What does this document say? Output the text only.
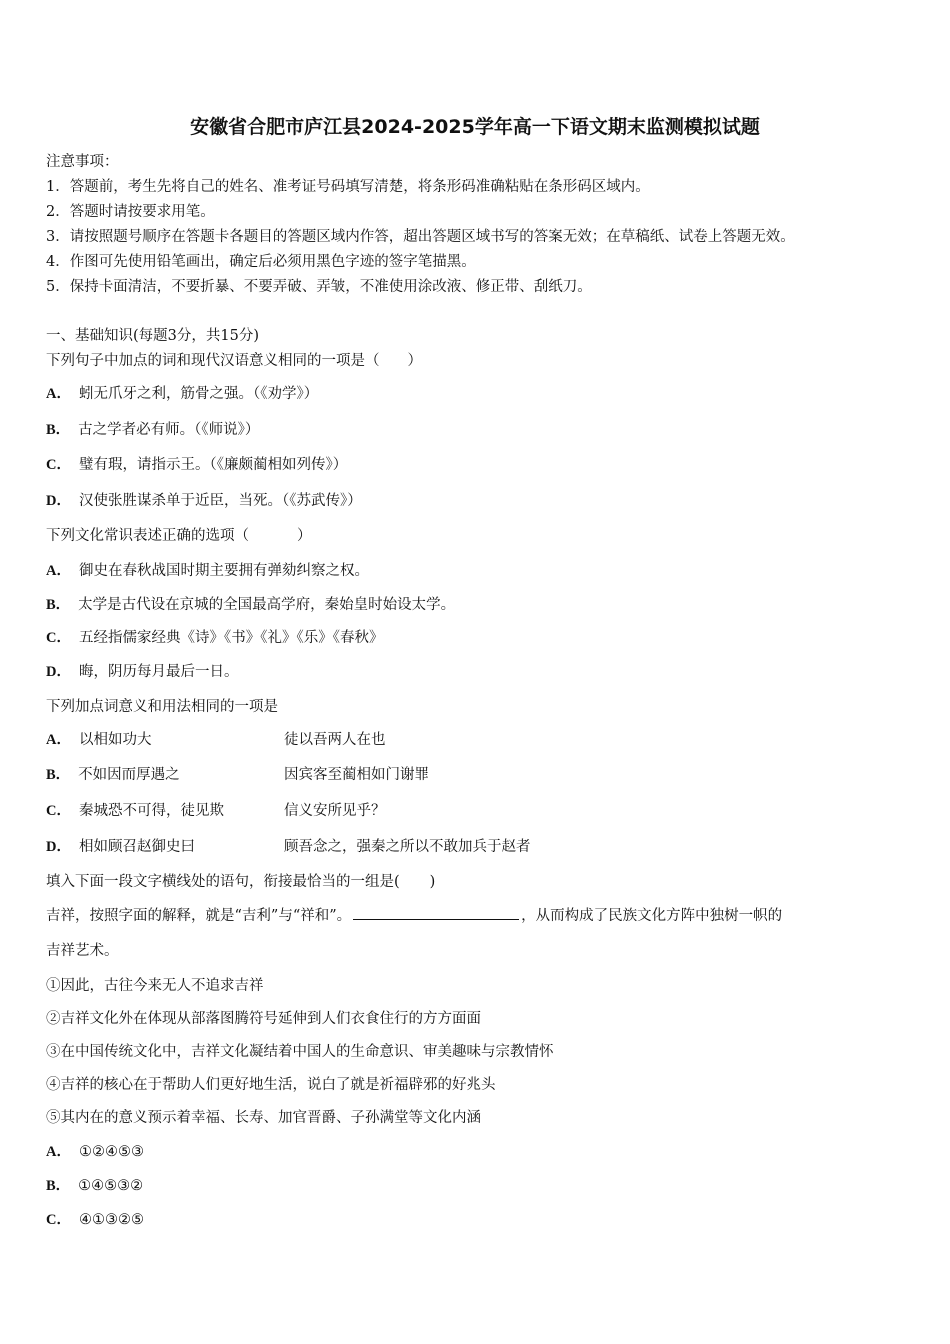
安徽省合肥市庐江县2024-2025学年高一下语文期末监测模拟试题
注意事项：
1．答题前，考生先将自己的姓名、准考证号码填写清楚，将条形码准确粘贴在条形码区域内。
2．答题时请按要求用笔。
3．请按照题号顺序在答题卡各题目的答题区域内作答，超出答题区域书写的答案无效；在草稿纸、试卷上答题无效。
4．作图可先使用铅笔画出，确定后必须用黑色字迹的签字笔描黑。
5．保持卡面清洁，不要折暴、不要弄破、弄皱，不准使用涂改液、修正带、刮纸刀。
一、基础知识(每题3分，共15分)
下列句子中加点的词和现代汉语意义相同的一项是（ ）
A． 蚓无爪牙之利，筋骨之强。（《劝学》）
B． 古之学者必有师。（《师说》）
C． 璧有瑕，请指示王。（《廉颇蔺相如列传》）
D． 汉使张胜谋杀单于近臣，当死。（《苏武传》）
下列文化常识表述正确的选项（	）
A． 御史在春秋战国时期主要拥有弹劾纠察之权。
B． 太学是古代设在京城的全国最高学府，秦始皇时始设太学。
C． 五经指儒家经典《诗》《书》《礼》《乐》《春秋》
D． 晦，阴历每月最后一日。
下列加点词意义和用法相同的一项是
A． 以相如功大	徒以吾两人在也
B． 不如因而厚遇之	因宾客至蔺相如门谢罪
C． 秦城恐不可得，徒见欺	信义安所见乎？
D． 相如顾召赵御史曰	顾吾念之，强秦之所以不敢加兵于赵者
填入下面一段文字横线处的语句，衔接最恰当的一组是( )
吉祥，按照字面的解释，就是“吉利”与“祥和”。	，从而构成了民族文化方阵中独树一帜的
吉祥艺术。
①因此，古往今来无人不追求吉祥
②吉祥文化外在体现从部落图腾符号延伸到人们衣食住行的方方面面
③在中国传统文化中，吉祥文化凝结着中国人的生命意识、审美趣味与宗教情怀
④吉祥的核心在于帮助人们更好地生活，说白了就是祈福辟邪的好兆头
⑤其内在的意义预示着幸福、长寿、加官晋爵、子孙满堂等文化内涵
A． ①②④⑤③
B． ①④⑤③②
C． ④①③②⑤
